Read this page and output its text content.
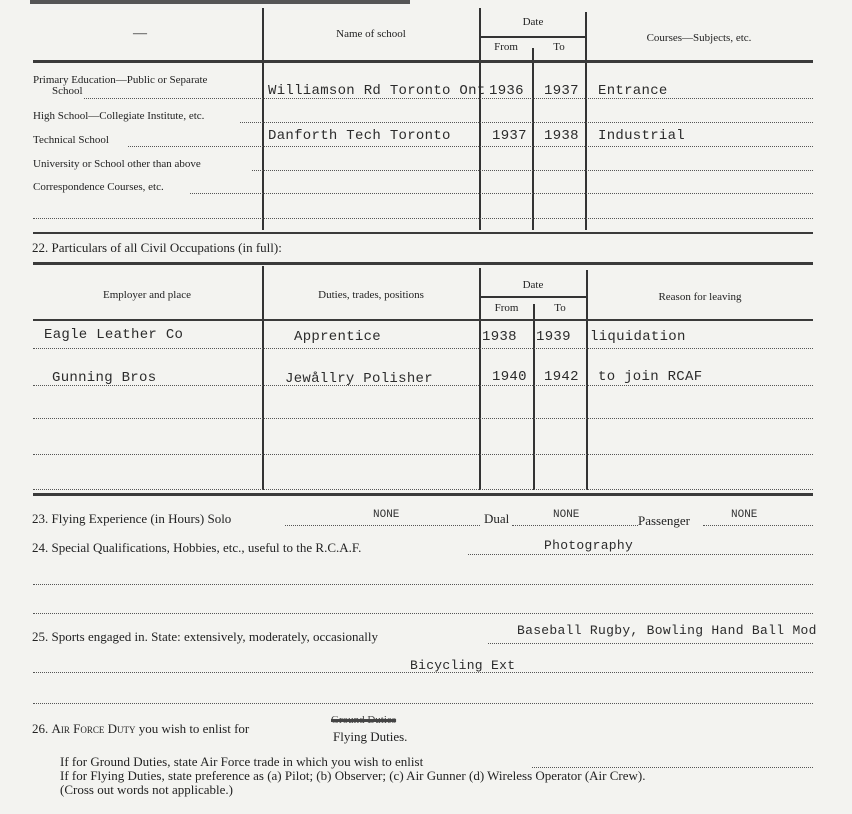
—	Name of school
Date
From	To
Courses—Subjects, etc.
Primary Education—Public or Separate
School	Williamson Rd Toronto Ont 1936 1937 Entrance
High School—Collegiate Institute, etc.
Technical School	Danforth Tech Toronto	1937 1938 Industrial
University or School other than above
Correspondence Courses, etc.
22. Particulars of all Civil Occupations (in full):
Employer and place	Duties, trades, positions
Date
From	To
Reason for leaving
Eagle Leather Co	Apprentice	1938 1939 liquidation
Gunning Bros	Jewållry Polisher	1940 1942 to join RCAF
23. Flying Experience (in Hours) Solo	NONE	Dual	NONE	Passenger	NONE
24. Special Qualifications, Hobbies, etc., useful to the R.C.A.F.	Photography
25. Sports engaged in. State: extensively, moderately, occasionally	Baseball Rugby, Bowling Hand Ball Mod
Bicycling Ext
26. Air Force Duty you wish to enlist for
Ground Duties
Flying Duties.
If for Ground Duties, state Air Force trade in which you wish to enlist
If for Flying Duties, state preference as (a) Pilot; (b) Observer; (c) Air Gunner (d) Wireless Operator (Air Crew).
(Cross out words not applicable.)
